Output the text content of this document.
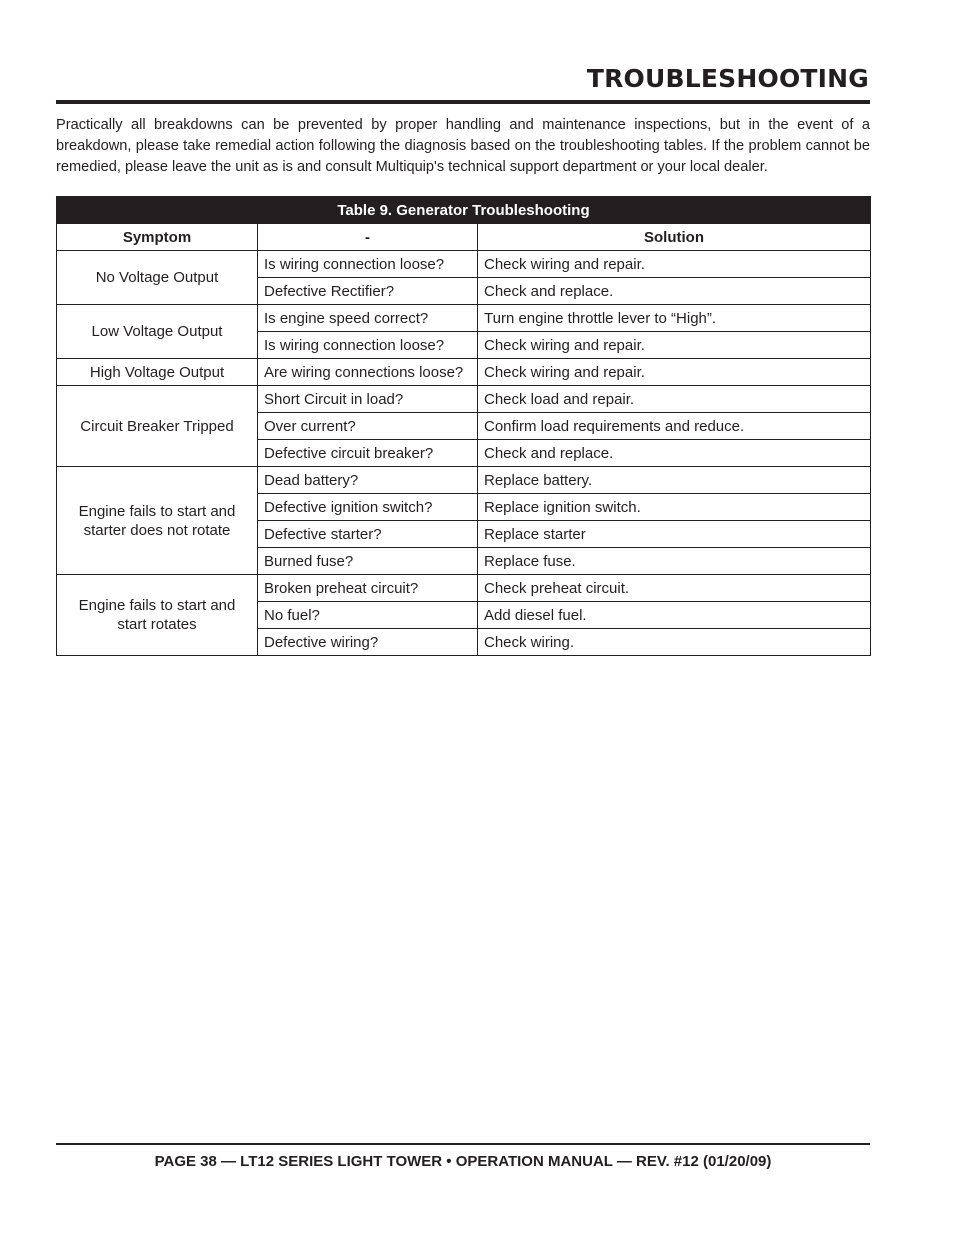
TROUBLESHOOTING

Practically all breakdowns can be prevented by proper handling and maintenance inspections, but in the event of a breakdown, please take remedial action following the diagnosis based on the troubleshooting tables. If the problem cannot be remedied, please leave the unit as is and consult Multiquip's technical support department or your local dealer.

Table 9. Generator Troubleshooting		
Symptom	-	Solution
No Voltage Output	Is wiring connection loose?	Check wiring and repair.
	Defective Rectifier?	Check and replace.
Low Voltage Output	Is engine speed correct?	Turn engine throttle lever to “High”.
	Is wiring connection loose?	Check wiring and repair.
High Voltage Output	Are wiring connections loose?	Check wiring and repair.
Circuit Breaker Tripped	Short Circuit in load?	Check load and repair.
	Over current?	Confirm load requirements and reduce.
	Defective circuit breaker?	Check and replace.
Engine fails to start and starter does not rotate	Dead battery?	Replace battery.
	Defective ignition switch?	Replace ignition switch.
	Defective starter?	Replace starter
	Burned fuse?	Replace fuse.
Engine fails to start and start rotates	Broken preheat circuit?	Check preheat circuit.
	No fuel?	Add diesel fuel.
	Defective wiring?	Check wiring.
PAGE 38 — LT12 SERIES LIGHT TOWER • OPERATION MANUAL — REV. #12 (01/20/09)
